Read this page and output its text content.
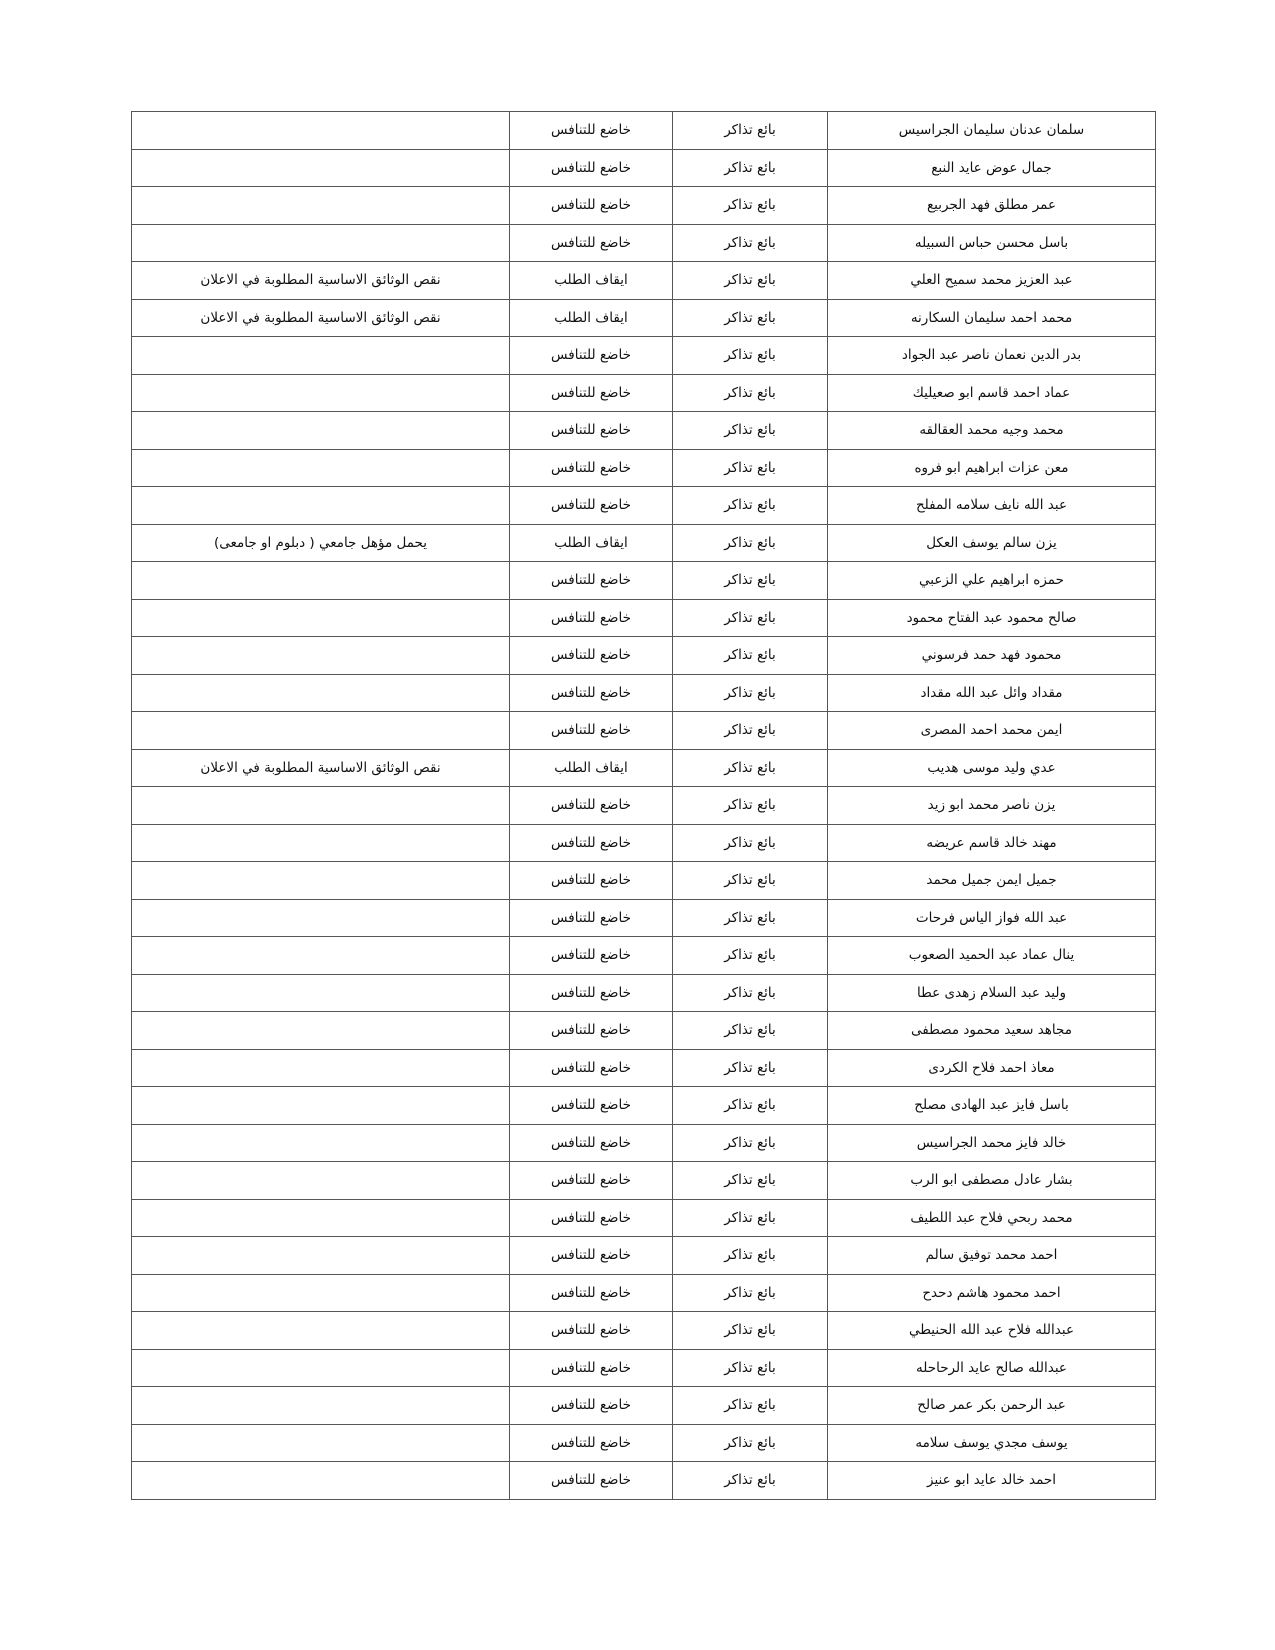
سلمان عدنان سليمان الجراسيس	بائع تذاكر	خاضع للتنافس	
جمال عوض عايد النبع	بائع تذاكر	خاضع للتنافس	
عمر مطلق فهد الجربيع	بائع تذاكر	خاضع للتنافس	
باسل محسن حباس السبيله	بائع تذاكر	خاضع للتنافس	
عبد العزيز محمد سميح العلي	بائع تذاكر	ايقاف الطلب	نقص الوثائق الاساسية المطلوبة في الاعلان
محمد احمد سليمان السكارنه	بائع تذاكر	ايقاف الطلب	نقص الوثائق الاساسية المطلوبة في الاعلان
بدر الدين نعمان ناصر عبد الجواد	بائع تذاكر	خاضع للتنافس	
عماد احمد قاسم ابو صعيليك	بائع تذاكر	خاضع للتنافس	
محمد وجيه محمد العقالقه	بائع تذاكر	خاضع للتنافس	
معن عزات ابراهيم ابو فروه	بائع تذاكر	خاضع للتنافس	
عبد الله نايف سلامه المفلح	بائع تذاكر	خاضع للتنافس	
يزن سالم يوسف العكل	بائع تذاكر	ايقاف الطلب	يحمل مؤهل جامعي ( دبلوم او جامعى)
حمزه ابراهيم علي الزعبي	بائع تذاكر	خاضع للتنافس	
صالح محمود عبد الفتاح محمود	بائع تذاكر	خاضع للتنافس	
محمود فهد حمد فرسوني	بائع تذاكر	خاضع للتنافس	
مقداد وائل عبد الله مقداد	بائع تذاكر	خاضع للتنافس	
ايمن محمد احمد المصرى	بائع تذاكر	خاضع للتنافس	
عدي وليد موسى هديب	بائع تذاكر	ايقاف الطلب	نقص الوثائق الاساسية المطلوبة في الاعلان
يزن ناصر محمد ابو زيد	بائع تذاكر	خاضع للتنافس	
مهند خالد قاسم عريضه	بائع تذاكر	خاضع للتنافس	
جميل ايمن جميل محمد	بائع تذاكر	خاضع للتنافس	
عبد الله فواز الياس فرحات	بائع تذاكر	خاضع للتنافس	
ينال عماد عبد الحميد الصعوب	بائع تذاكر	خاضع للتنافس	
وليد عبد السلام زهدى عطا	بائع تذاكر	خاضع للتنافس	
مجاهد سعيد محمود مصطفى	بائع تذاكر	خاضع للتنافس	
معاذ احمد فلاح الكردى	بائع تذاكر	خاضع للتنافس	
باسل فايز عبد الهادى مصلح	بائع تذاكر	خاضع للتنافس	
خالد فايز محمد الجراسيس	بائع تذاكر	خاضع للتنافس	
بشار عادل مصطفى ابو الرب	بائع تذاكر	خاضع للتنافس	
محمد ربحي فلاح عبد اللطيف	بائع تذاكر	خاضع للتنافس	
احمد محمد توفيق سالم	بائع تذاكر	خاضع للتنافس	
احمد محمود هاشم دحدح	بائع تذاكر	خاضع للتنافس	
عبدالله فلاح عبد الله الحنيطي	بائع تذاكر	خاضع للتنافس	
عبدالله صالح عايد الرحاحله	بائع تذاكر	خاضع للتنافس	
عبد الرحمن بكر عمر صالح	بائع تذاكر	خاضع للتنافس	
يوسف مجدي يوسف سلامه	بائع تذاكر	خاضع للتنافس	
احمد خالد عايد ابو عنيز	بائع تذاكر	خاضع للتنافس	
